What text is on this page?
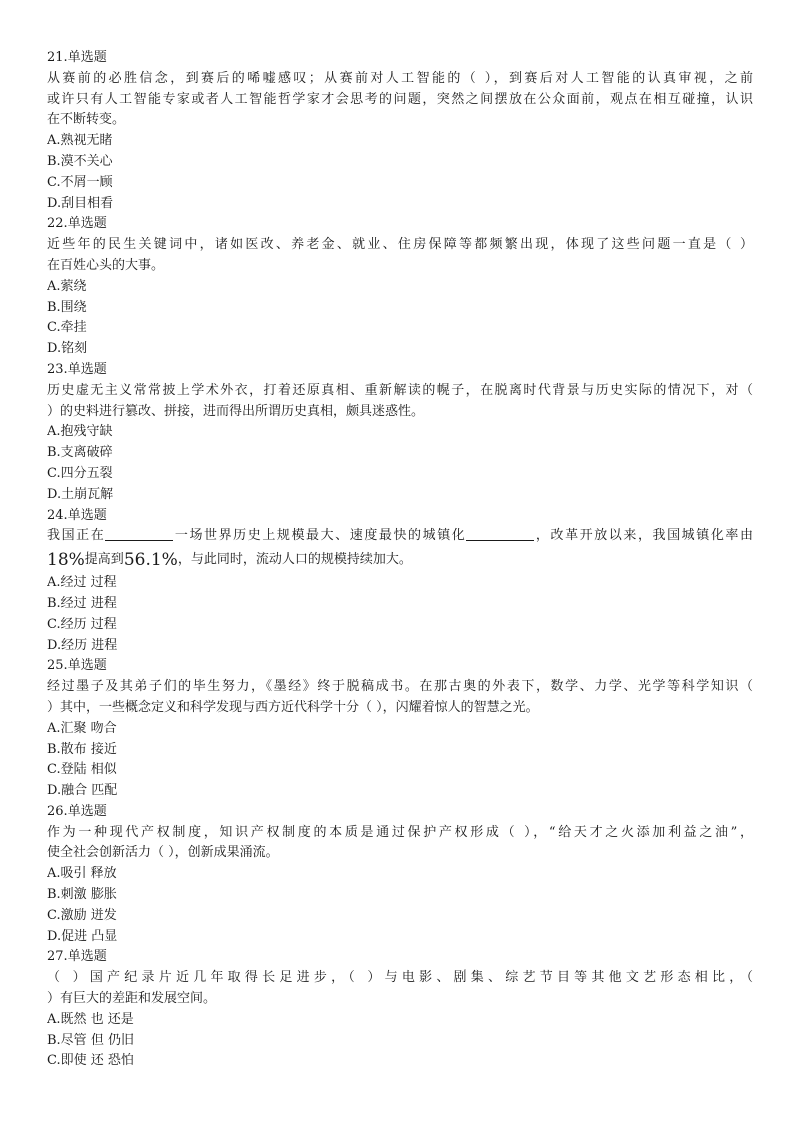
21.单选题
从赛前的必胜信念，到赛后的唏嘘感叹；从赛前对人工智能的（ ），到赛后对人工智能的认真审视，之前
或许只有人工智能专家或者人工智能哲学家才会思考的问题，突然之间摆放在公众面前，观点在相互碰撞，认识
在不断转变。
A.熟视无睹
B.漠不关心
C.不屑一顾
D.刮目相看
22.单选题
近些年的民生关键词中，诸如医改、养老金、就业、住房保障等都频繁出现，体现了这些问题一直是（ ）
在百姓心头的大事。
A.萦绕
B.围绕
C.牵挂
D.铭刻
23.单选题
历史虚无主义常常披上学术外衣，打着还原真相、重新解读的幌子，在脱离时代背景与历史实际的情况下，对（
）的史料进行篡改、拼接，进而得出所谓历史真相，颇具迷惑性。
A.抱残守缺
B.支离破碎
C.四分五裂
D.土崩瓦解
24.单选题
我国正在	一场世界历史上规模最大、速度最快的城镇化	，改革开放以来，我国城镇化率由
18%提高到56.1%，与此同时，流动人口的规模持续加大。
A.经过 过程
B.经过 进程
C.经历 过程
D.经历 进程
25.单选题
经过墨子及其弟子们的毕生努力，《墨经》终于脱稿成书。在那古奥的外表下，数学、力学、光学等科学知识（
）其中，一些概念定义和科学发现与西方近代科学十分（ ），闪耀着惊人的智慧之光。
A.汇聚 吻合
B.散布 接近
C.登陆 相似
D.融合 匹配
26.单选题
作为一种现代产权制度，知识产权制度的本质是通过保护产权形成（ ），“给天才之火添加利益之油”，
使全社会创新活力（ ），创新成果涌流。
A.吸引 释放
B.刺激 膨胀
C.激励 迸发
D.促进 凸显
27.单选题
（ ）国产纪录片近几年取得长足进步，（ ）与电影、剧集、综艺节目等其他文艺形态相比，（
）有巨大的差距和发展空间。
A.既然 也 还是
B.尽管 但 仍旧
C.即使 还 恐怕
